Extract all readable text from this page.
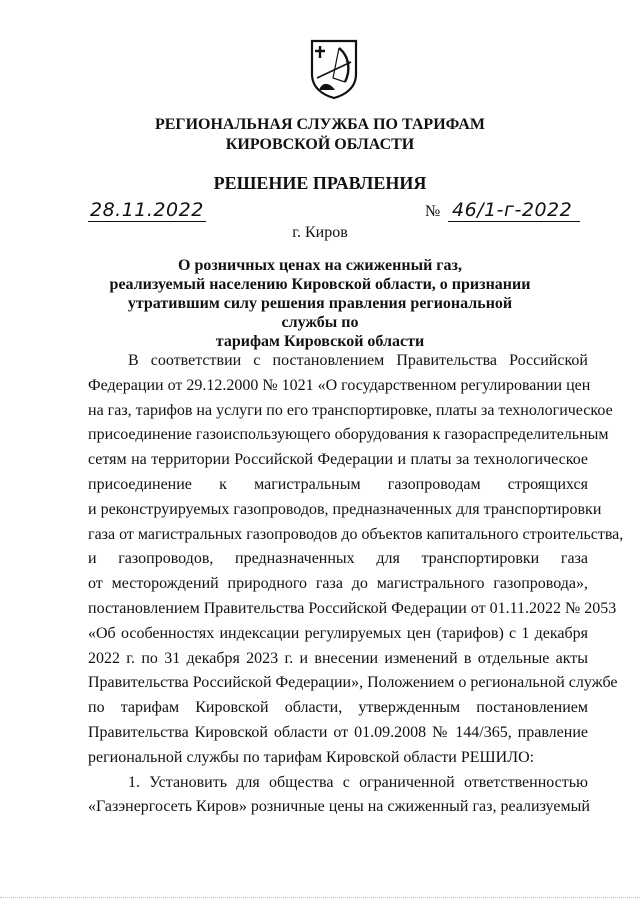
РЕГИОНАЛЬНАЯ СЛУЖБА ПО ТАРИФАМ
КИРОВСКОЙ ОБЛАСТИ
РЕШЕНИЕ ПРАВЛЕНИЯ
28.11.2022	№ 46/1-г-2022
г. Киров
О розничных ценах на сжиженный газ,
реализуемый населению Кировской области, о признании
утратившим силу решения правления региональной службы по
тарифам Кировской области
В соответствии с постановлением Правительства Российской
Федерации от 29.12.2000 № 1021 «О государственном регулировании цен
на газ, тарифов на услуги по его транспортировке, платы за технологическое
присоединение газоиспользующего оборудования к газораспределительным
сетям на территории Российской Федерации и платы за технологическое
присоединение к магистральным газопроводам строящихся
и реконструируемых газопроводов, предназначенных для транспортировки
газа от магистральных газопроводов до объектов капитального строительства,
и газопроводов, предназначенных для транспортировки газа
от месторождений природного газа до магистрального газопровода»,
постановлением Правительства Российской Федерации от 01.11.2022 № 2053
«Об особенностях индексации регулируемых цен (тарифов) с 1 декабря
2022 г. по 31 декабря 2023 г. и внесении изменений в отдельные акты
Правительства Российской Федерации», Положением о региональной службе
по тарифам Кировской области, утвержденным постановлением
Правительства Кировской области от 01.09.2008 № 144/365, правление
региональной службы по тарифам Кировской области РЕШИЛО:
1. Установить для общества с ограниченной ответственностью
«Газэнергосеть Киров» розничные цены на сжиженный газ, реализуемый
